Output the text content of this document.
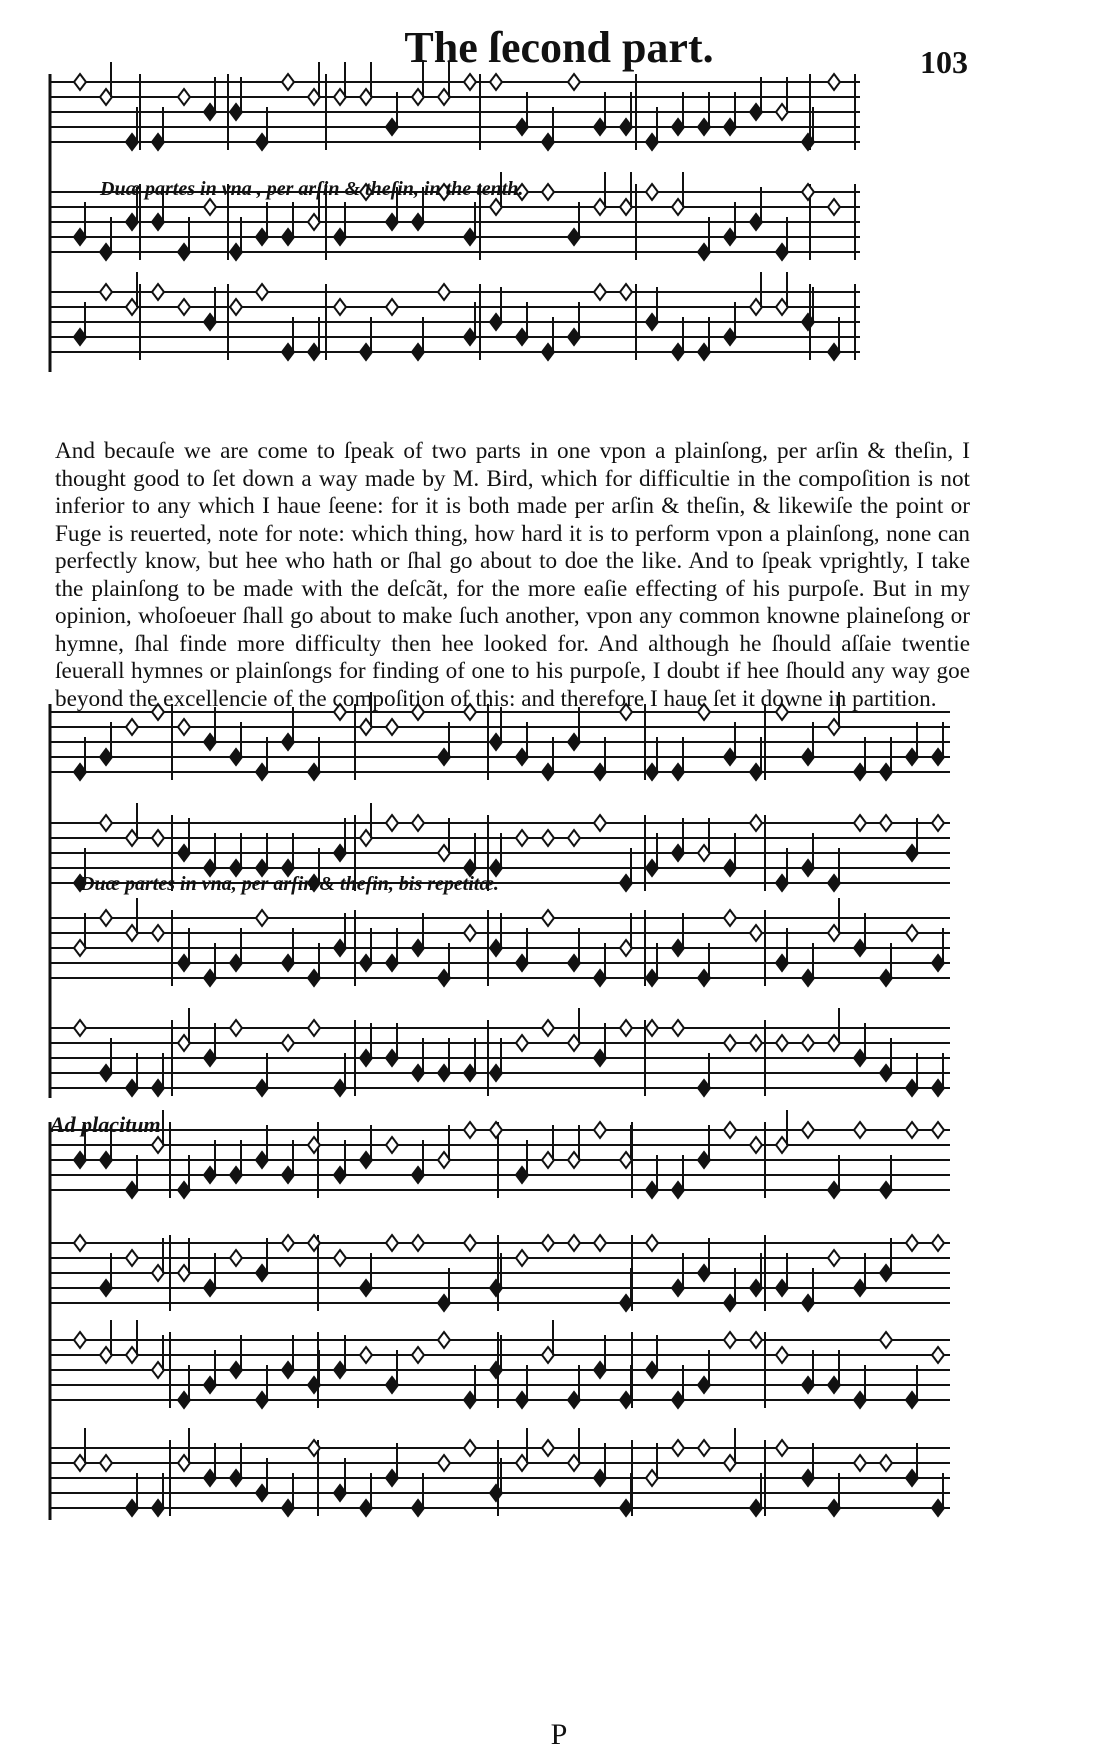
The ſecond part.	103
Duæ partes in vna , per arſin & theſin, in the tenth.
Duæ partes in vna, per arſin & theſin, bis repetitæ.
Ad placitum
And becauſe we are come to ſpeak of two parts in one vpon a plainſong, per arſin & theſin, I thought good to ſet down a way made by M. Bird, which for difficultie in the compoſition is not inferior to any which I haue ſeene: for it is both made per arſin & theſin, & likewiſe the point or Fuge is reuerted, note for note: which thing, how hard it is to perform vpon a plainſong, none can perfectly know, but hee who hath or ſhal go about to doe the like. And to ſpeak vprightly, I take the plainſong to be made with the deſcãt, for the more eaſie effecting of his purpoſe. But in my opinion, whoſoeuer ſhall go about to make ſuch another, vpon any common knowne plaineſong or hymne, ſhal finde more difficulty then hee looked for. And although he ſhould aſſaie twentie ſeuerall hymnes or plainſongs for finding of one to his purpoſe, I doubt if hee ſhould any way goe beyond the excellencie of the compoſition of this: and therefore I haue ſet it downe in partition.
P
